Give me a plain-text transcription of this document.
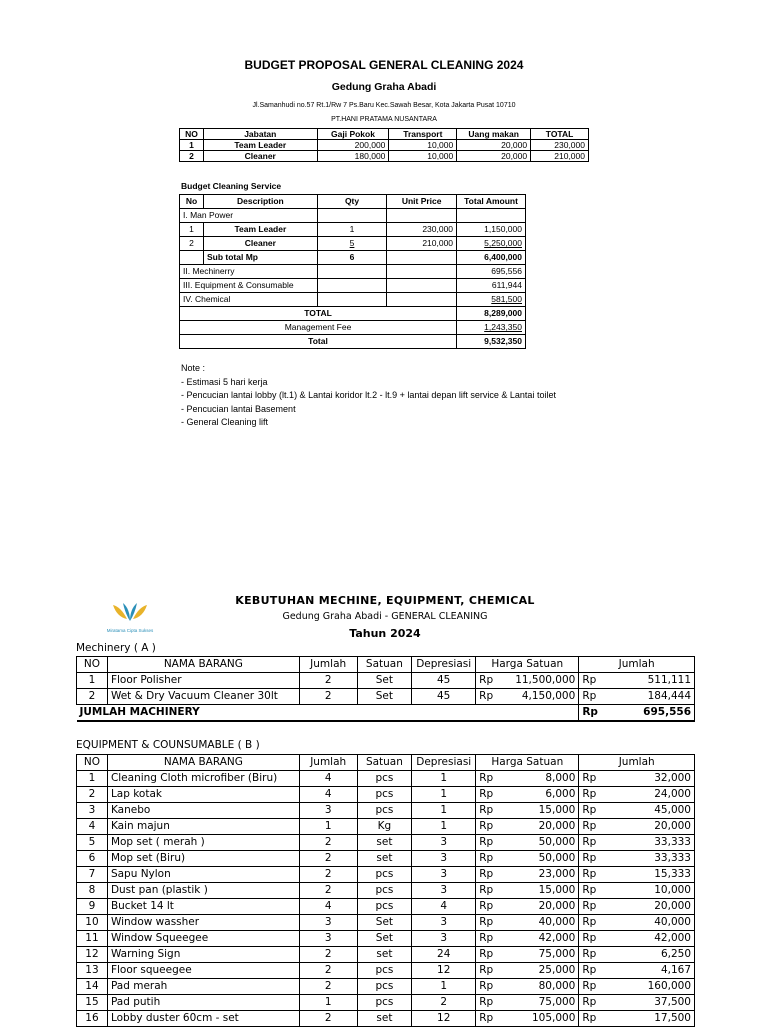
BUDGET PROPOSAL GENERAL CLEANING 2024
Gedung Graha Abadi
Jl.Samanhudi no.57 Rt.1/Rw 7 Ps.Baru Kec.Sawah Besar, Kota Jakarta Pusat 10710
PT.HANI PRATAMA NUSANTARA
NO	Jabatan	Gaji Pokok	Transport	Uang makan	TOTAL
1	Team Leader	200,000	10,000	20,000	230,000
2	Cleaner	180,000	10,000	20,000	210,000
Budget Cleaning Service
No	Description	Qty	Unit Price	Total Amount
I. Man Power				
1	Team Leader	1	230,000	1,150,000
2	Cleaner	5	210,000	5,250,000
	Sub total Mp	6		6,400,000
II. Mechinerry				695,556
III. Equipment & Consumable				611,944
IV. Chemical				581,500
TOTAL				8,289,000
Management Fee				1,243,350
Total				9,532,350
Note :
- Estimasi 5 hari kerja
- Pencucian lantai lobby (lt.1) & Lantai koridor lt.2 - lt.9 + lantai depan lift service & Lantai toilet
- Pencucian lantai Basement
- General Cleaning lift
Miratama Cipta Sukses
KEBUTUHAN MECHINE, EQUIPMENT, CHEMICAL
Gedung Graha Abadi - GENERAL CLEANING
Tahun 2024
Mechinery ( A )
NO	NAMA BARANG	Jumlah	Satuan	Depresiasi	Harga Satuan		Jumlah	
1	Floor Polisher	2	Set	45	Rp	11,500,000	Rp	511,111
2	Wet & Dry Vacuum Cleaner 30lt	2	Set	45	Rp	4,150,000	Rp	184,444
JUMLAH MACHINERY							Rp	695,556
EQUIPMENT & COUNSUMABLE ( B )
NO	NAMA BARANG	Jumlah	Satuan	Depresiasi	Harga Satuan		Jumlah	
1	Cleaning Cloth microfiber (Biru)	4	pcs	1	Rp	8,000	Rp	32,000
2	Lap kotak	4	pcs	1	Rp	6,000	Rp	24,000
3	Kanebo	3	pcs	1	Rp	15,000	Rp	45,000
4	Kain majun	1	Kg	1	Rp	20,000	Rp	20,000
5	Mop set ( merah )	2	set	3	Rp	50,000	Rp	33,333
6	Mop set (Biru)	2	set	3	Rp	50,000	Rp	33,333
7	Sapu Nylon	2	pcs	3	Rp	23,000	Rp	15,333
8	Dust pan (plastik )	2	pcs	3	Rp	15,000	Rp	10,000
9	Bucket 14 lt	4	pcs	4	Rp	20,000	Rp	20,000
10	Window wassher	3	Set	3	Rp	40,000	Rp	40,000
11	Window Squeegee	3	Set	3	Rp	42,000	Rp	42,000
12	Warning Sign	2	set	24	Rp	75,000	Rp	6,250
13	Floor squeegee	2	pcs	12	Rp	25,000	Rp	4,167
14	Pad merah	2	pcs	1	Rp	80,000	Rp	160,000
15	Pad putih	1	pcs	2	Rp	75,000	Rp	37,500
16	Lobby duster 60cm - set	2	set	12	Rp	105,000	Rp	17,500
